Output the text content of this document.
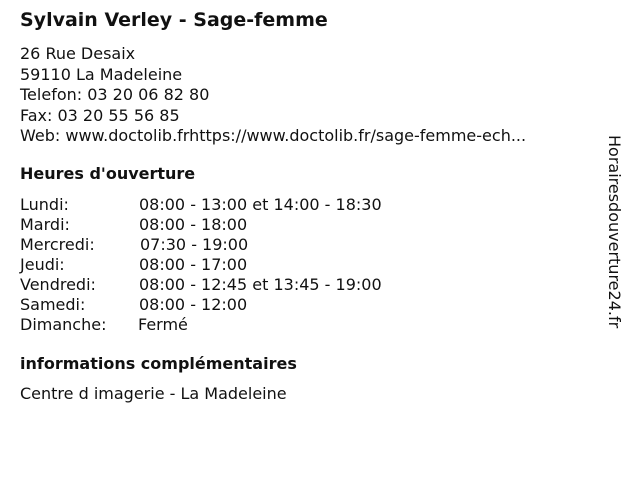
Sylvain Verley - Sage-femme
26 Rue Desaix
59110 La Madeleine
Telefon: 03 20 06 82 80
Fax: 03 20 55 56 85
Web: www.doctolib.frhttps://www.doctolib.fr/sage-femme-ech...
Heures d'ouverture
Lundi:	08:00 - 13:00 et 14:00 - 18:30
Mardi:	08:00 - 18:00
Mercredi:	07:30 - 19:00
Jeudi:	08:00 - 17:00
Vendredi:	08:00 - 12:45 et 13:45 - 19:00
Samedi:	08:00 - 12:00
Dimanche: Fermé
informations complémentaires
Centre d imagerie - La Madeleine
Horairesdouverture24.fr
